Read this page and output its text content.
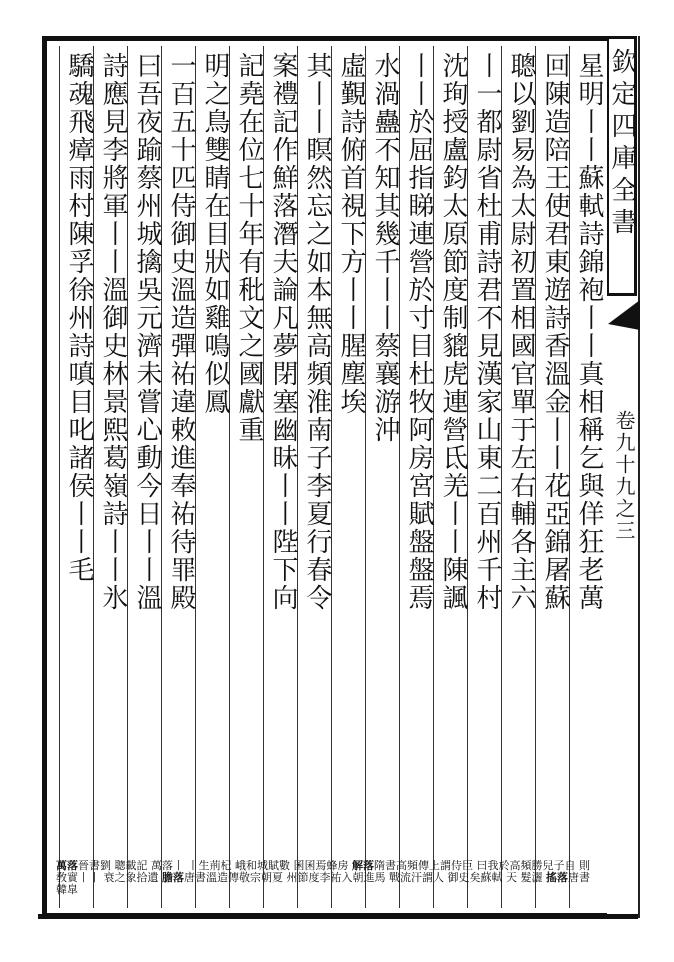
欽定四庫全書
卷九十九之三
星明丨丨蘇軾詩錦袍丨丨真相稱乞與佯狂老萬
回陳造陪王使君東遊詩香溫金丨丨花亞錦屠蘇
聰以劉易為太尉初置相國官單于左右輔各主六
丨一都尉省杜甫詩君不見漢家山東二百州千村
沈珣授盧鈞太原節度制貔虎連營氐羌丨丨陳諷
丨丨於屈指睇連營於寸目杜牧阿房宮賦盤盤焉
水渦蠱不知其幾千丨丨蔡襄游沖
虛覲詩俯首視下方丨丨腥塵埃
其丨丨瞑然忘之如本無高頻淮南子李夏行春令
案禮記作鮮落潛夫論凡夢閉塞幽昧丨丨陛下向
記堯在位七十年有秕文之國獻重
明之鳥雙睛在目狀如雞鳴似鳳
一百五十匹侍御史溫造彈祐違敕進奉祐待罪殿
曰吾夜踰蔡州城擒吳元濟未嘗心動今日丨丨溫
詩應見李將軍丨丨溫御史林景熙葛嶺詩丨丨氷
驕魂飛瘴雨村陳孚徐州詩嗔目叱諸侯丨丨毛
萬落晉書劉 聰載記 萬落丨 丨生荊杞 峨和城賦數 囷囷焉蜂房 解落隋書高頻傳上謂侍臣 曰我於高頻勝兒子自 則敎實丨丨 衰之象拾遺 膽落唐書溫造傳敬宗朝夏 州節度李祐入朝進馬 戰流汗謂人 御史矣蘇軾 天 髮灑 搖落唐書韓皐
